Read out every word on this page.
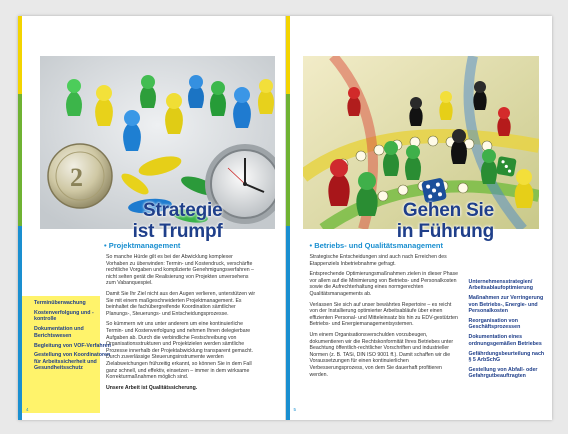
2
Strategie
ist Trumpf
• Projektmanagement

So manche Hürde gilt es bei der Abwicklung komplexer Vorhaben zu überwinden: Termin- und Kostendruck, verschärfte rechtliche Vorgaben und komplizierte Genehmigungsverfahren – nicht selten gerät die Realisierung von Projekten unversehens zum Vabanquespiel.

Damit Sie Ihr Ziel nicht aus den Augen verlieren, unterstützen wir Sie mit einem maßgeschneiderten Projektmanagement. Es beinhaltet die fachübergreifende Koordination sämtlicher Planungs-, Steuerungs- und Entscheidungsprozesse.

So kümmern wir uns unter anderem um eine kontinuierliche Termin- und Kostenverfolgung und nehmen Ihnen delegierbare Aufgaben ab. Durch die verbindliche Festschreibung von Organisationsstrukturen und Projektzielen werden sämtliche Prozesse innerhalb der Projektabwicklung transparent gemacht. Durch zuverlässige Steuerungsinstrumente werden Zielabweichungen frühzeitig erkannt, so können Sie in dem Fall ganz schnell, und effektiv, einsetzen – immer in dem wirksame Korrekturmaßnahmen möglich sind.

Unsere Arbeit ist Qualitätssicherung.

Terminüberwachung
Kostenverfolgung und -kontrolle
Dokumentation und Berichtswesen
Begleitung von VOF-Verfahren
Gestellung von Koordinatoren für Arbeitssicherheit und Gesundheitsschutz
4
Gehen Sie
in Führung
• Betriebs- und Qualitätsmanagement

Strategische Entscheidungen sind auch nach Erreichen des Etappenziels Inbetriebnahme gefragt.

Entsprechende Optimierungsmaßnahmen zielen in dieser Phase vor allem auf die Minimierung von Betriebs- und Personalkosten sowie die Aufrechterhaltung eines normgerechten Qualitätsmanagements ab.

Verlassen Sie sich auf unser bewährtes Repertoire – es reicht von der Installierung optimierter Arbeitsabläufe über einen effizienten Personal- und Mitteleinsatz bis hin zu EDV-gestützten Betriebs- und Energiemanagementsystemen.

Um einem Organisationsverschulden vorzubeugen, dokumentieren wir die Rechtskonformität Ihres Betriebes unter Beachtung öffentlich-rechtlicher Vorschriften und industrieller Normen (z. B. TASi, DIN ISO 9001 ff.). Damit schaffen wir die Voraussetzungen für einen kontinuierlichen Verbesserungsprozess, von dem Sie dauerhaft profitieren werden.

Unternehmensstrategien/ Arbeitsablaufoptimierung
Maßnahmen zur Verringerung von Betriebs-, Energie- und Personalkosten
Reorganisation von Geschäftsprozessen
Dokumentation eines ordnungsgemäßen Betriebes
Gefährdungsbeurteilung nach § 5 ArbSchG
Gestellung von Abfall- oder Gefahrgutbeauftragten
5
